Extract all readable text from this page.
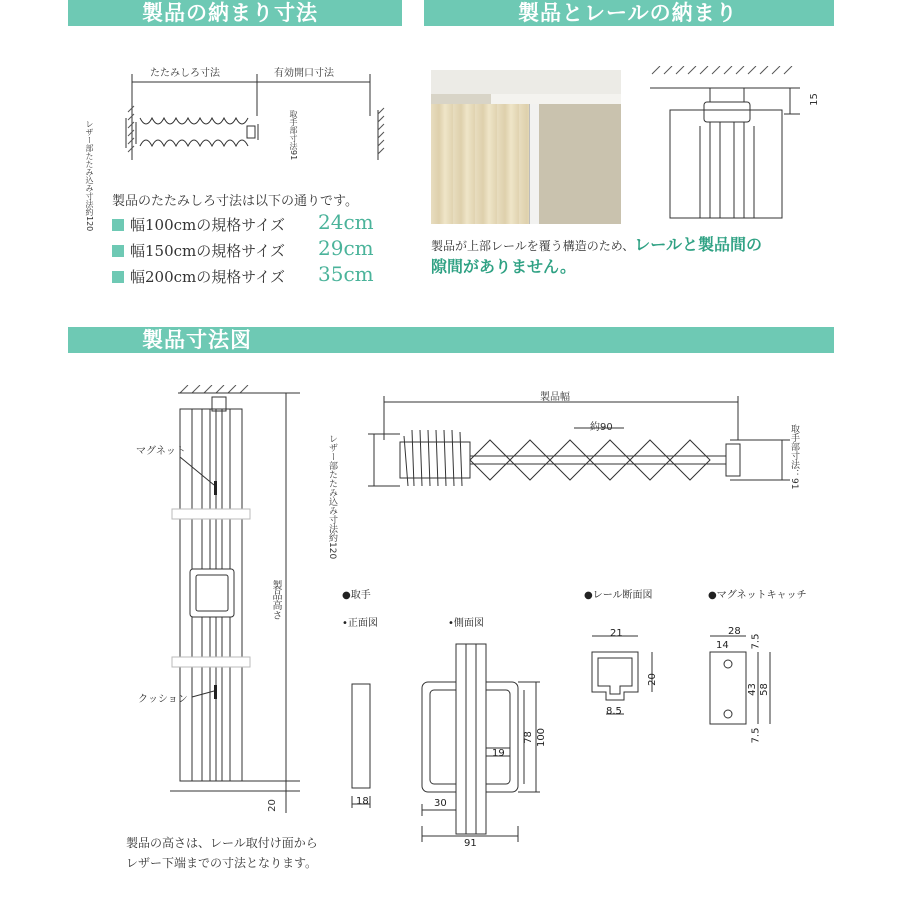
製品の納まり寸法	製品とレールの納まり
製品寸法図
たたみしろ寸法	有効開口寸法
レザー部たたみ込み寸法約120
取手部寸法91
製品のたたみしろ寸法は以下の通りです。
幅100cmの規格サイズ 24cm
幅150cmの規格サイズ 29cm
幅200cmの規格サイズ 35cm
15
製品が上部レールを覆う構造のため、レールと製品間の
隙間がありません。
マグネット
クッション
製品高さ
20
製品の高さは、レール取付け面から
レザー下端までの寸法となります。
製品幅
約90
レザー部たたみ込み寸法約120
取手部寸法：91
●取手
•正面図	•側面図
18
78 100
19
30
91
●レール断面図
21
20
8.5
●マグネットキャッチ
28
14 7.5
43 58
7.5
